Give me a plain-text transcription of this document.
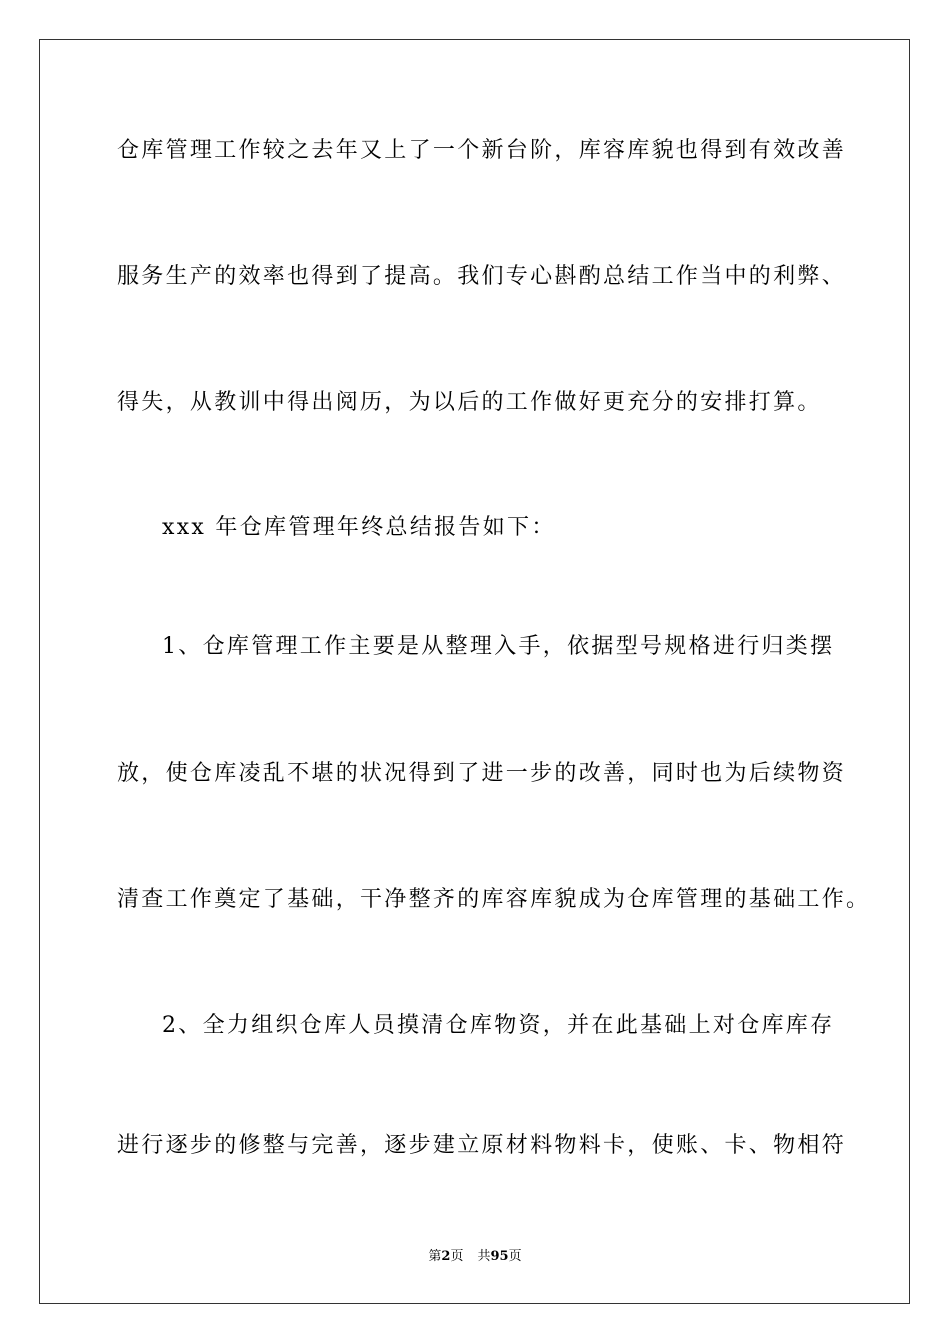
仓库管理工作较之去年又上了一个新台阶，库容库貌也得到有效改善
服务生产的效率也得到了提高。我们专心斟酌总结工作当中的利弊、
得失，从教训中得出阅历，为以后的工作做好更充分的安排打算。
xxx 年仓库管理年终总结报告如下：
1、仓库管理工作主要是从整理入手，依据型号规格进行归类摆
放，使仓库凌乱不堪的状况得到了进一步的改善，同时也为后续物资
清查工作奠定了基础，干净整齐的库容库貌成为仓库管理的基础工作。
2、全力组织仓库人员摸清仓库物资，并在此基础上对仓库库存
进行逐步的修整与完善，逐步建立原材料物料卡，使账、卡、物相符
第2页 共95页
